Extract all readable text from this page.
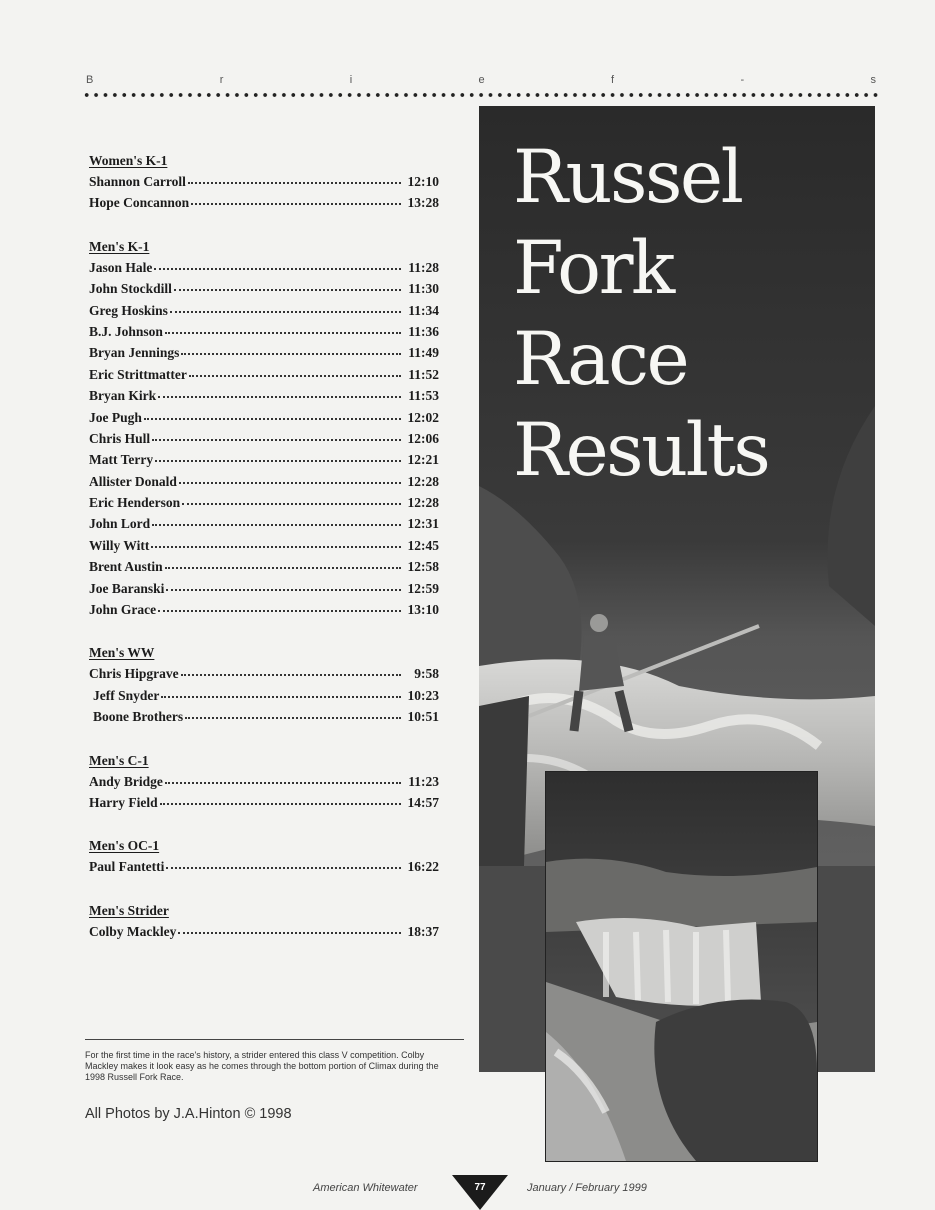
B	r	i	e	f	-	s
Women's K-1
Shannon Carroll	12:10
Hope Concannon	13:28
Men's K-1
Jason Hale	11:28
John Stockdill	11:30
Greg Hoskins	11:34
B.J. Johnson	11:36
Bryan Jennings	11:49
Eric Strittmatter	11:52
Bryan Kirk	11:53
Joe Pugh	12:02
Chris Hull	12:06
Matt Terry	12:21
Allister Donald	12:28
Eric Henderson	12:28
John Lord	12:31
Willy Witt	12:45
Brent Austin	12:58
Joe Baranski	12:59
John Grace	13:10
Men's WW
Chris Hipgrave	9:58
Jeff Snyder	10:23
Boone Brothers	10:51
Men's C-1
Andy Bridge	11:23
Harry Field	14:57
Men's OC-1
Paul Fantetti	16:22
Men's Strider
Colby Mackley	18:37
For the first time in the race's history, a strider entered this class V competition. Colby Mackley makes it look easy as he comes through the bottom portion of Climax during the 1998 Russell Fork Race.
All Photos by J.A.Hinton © 1998
Russel
Fork
Race
Results
American Whitewater	77	January / February 1999
